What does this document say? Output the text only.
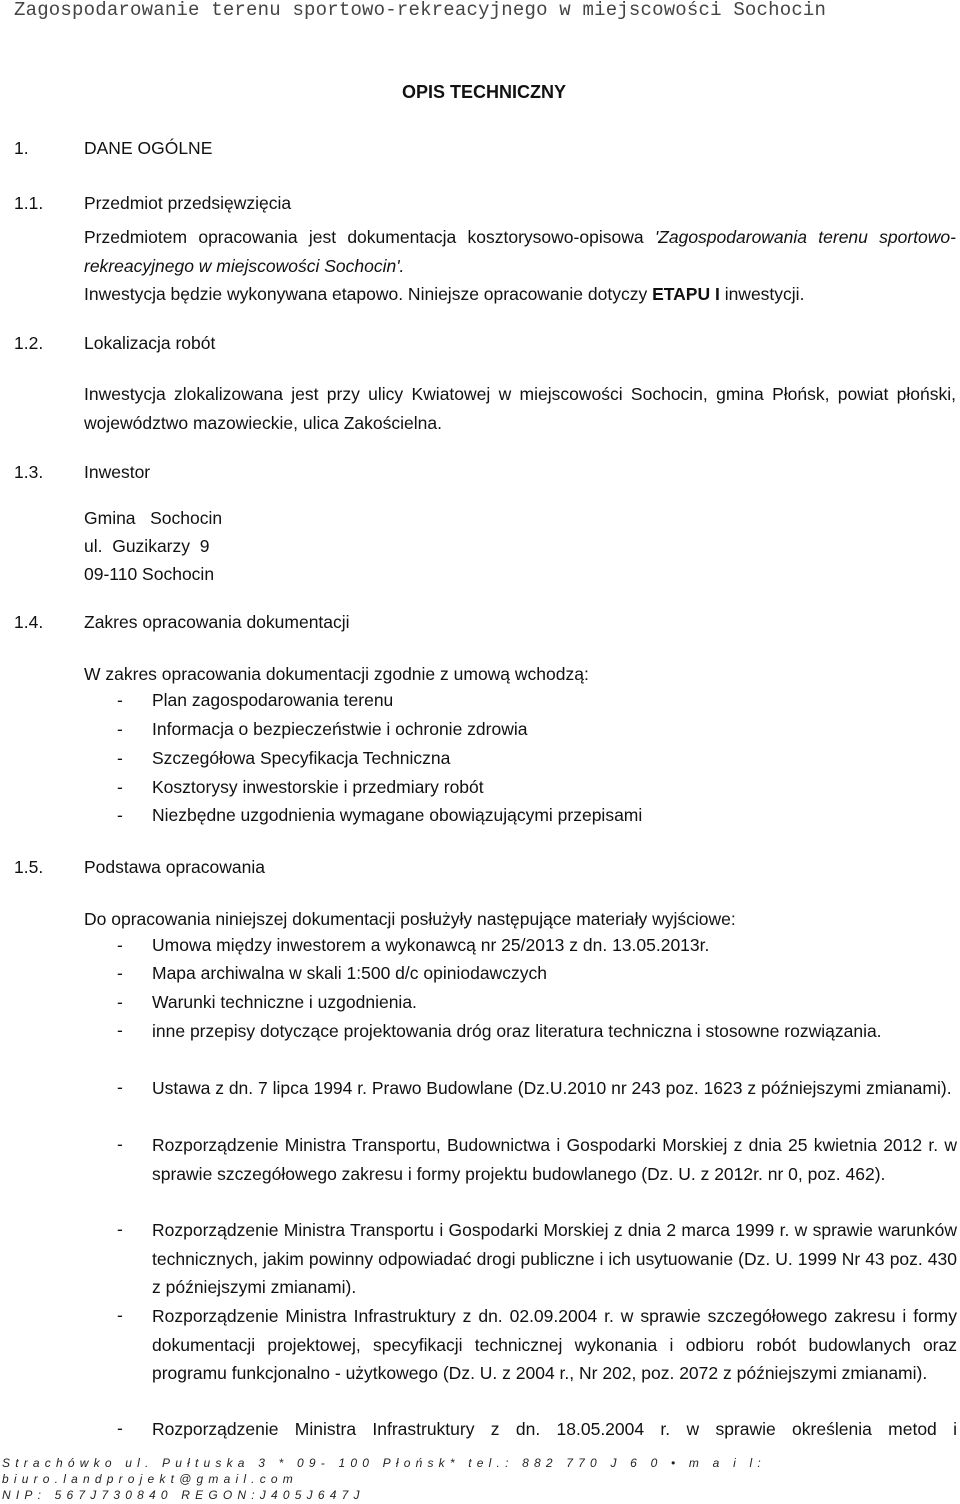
Zagospodarowanie terenu sportowo-rekreacyjnego w miejscowości Sochocin
OPIS TECHNICZNY
1.	DANE OGÓLNE
1.1. Przedmiot przedsięwzięcia
Przedmiotem opracowania jest dokumentacja kosztorysowo-opisowa 'Zagospodarowania terenu sportowo-rekreacyjnego w miejscowości Sochocin'.
Inwestycja będzie wykonywana etapowo. Niniejsze opracowanie dotyczy ETAPU I inwestycji.
1.2. Lokalizacja robót
Inwestycja zlokalizowana jest przy ulicy Kwiatowej w miejscowości Sochocin, gmina Płońsk, powiat płoński, województwo mazowieckie, ulica Zakościelna.
1.3. Inwestor
Gmina   Sochocin
ul.  Guzikarzy  9
09-110 Sochocin
1.4. Zakres opracowania dokumentacji
W zakres opracowania dokumentacji zgodnie z umową wchodzą:
- Plan zagospodarowania terenu
- Informacja o bezpieczeństwie i ochronie zdrowia
- Szczegółowa Specyfikacja Techniczna
- Kosztorysy inwestorskie i przedmiary robót
- Niezbędne uzgodnienia wymagane obowiązującymi przepisami
1.5. Podstawa opracowania
Do opracowania niniejszej dokumentacji posłużyły następujące materiały wyjściowe:
- Umowa między inwestorem a wykonawcą nr 25/2013 z dn. 13.05.2013r.
- Mapa archiwalna w skali 1:500 d/c opiniodawczych
- Warunki techniczne i uzgodnienia.
- inne przepisy dotyczące projektowania dróg oraz literatura techniczna i stosowne rozwiązania.
- Ustawa z dn. 7 lipca 1994 r. Prawo Budowlane (Dz.U.2010 nr 243 poz. 1623 z późniejszymi zmianami).
- Rozporządzenie Ministra Transportu, Budownictwa i Gospodarki Morskiej z dnia 25 kwietnia 2012 r. w sprawie szczegółowego zakresu i formy projektu budowlanego (Dz. U. z 2012r. nr 0, poz. 462).
- Rozporządzenie Ministra Transportu i Gospodarki Morskiej z dnia 2 marca 1999 r. w sprawie warunków technicznych, jakim powinny odpowiadać drogi publiczne i ich usytuowanie (Dz. U. 1999 Nr 43 poz. 430 z późniejszymi zmianami).
- Rozporządzenie Ministra Infrastruktury z dn. 02.09.2004 r. w sprawie szczegółowego zakresu i formy dokumentacji projektowej, specyfikacji technicznej wykonania i odbioru robót budowlanych oraz programu funkcjonalno - użytkowego (Dz. U. z 2004 r., Nr 202, poz. 2072 z późniejszymi zmianami).
- Rozporządzenie Ministra Infrastruktury z dn. 18.05.2004 r. w sprawie określenia metod i
Strachówko ul. Pułtuska 3 * 09- 100 Płońsk* tel.: 882 770 J 6 0 • m a i l:
biuro.landprojekt@gmail.com
NIP: 567J730840 REGON:J405J647J
